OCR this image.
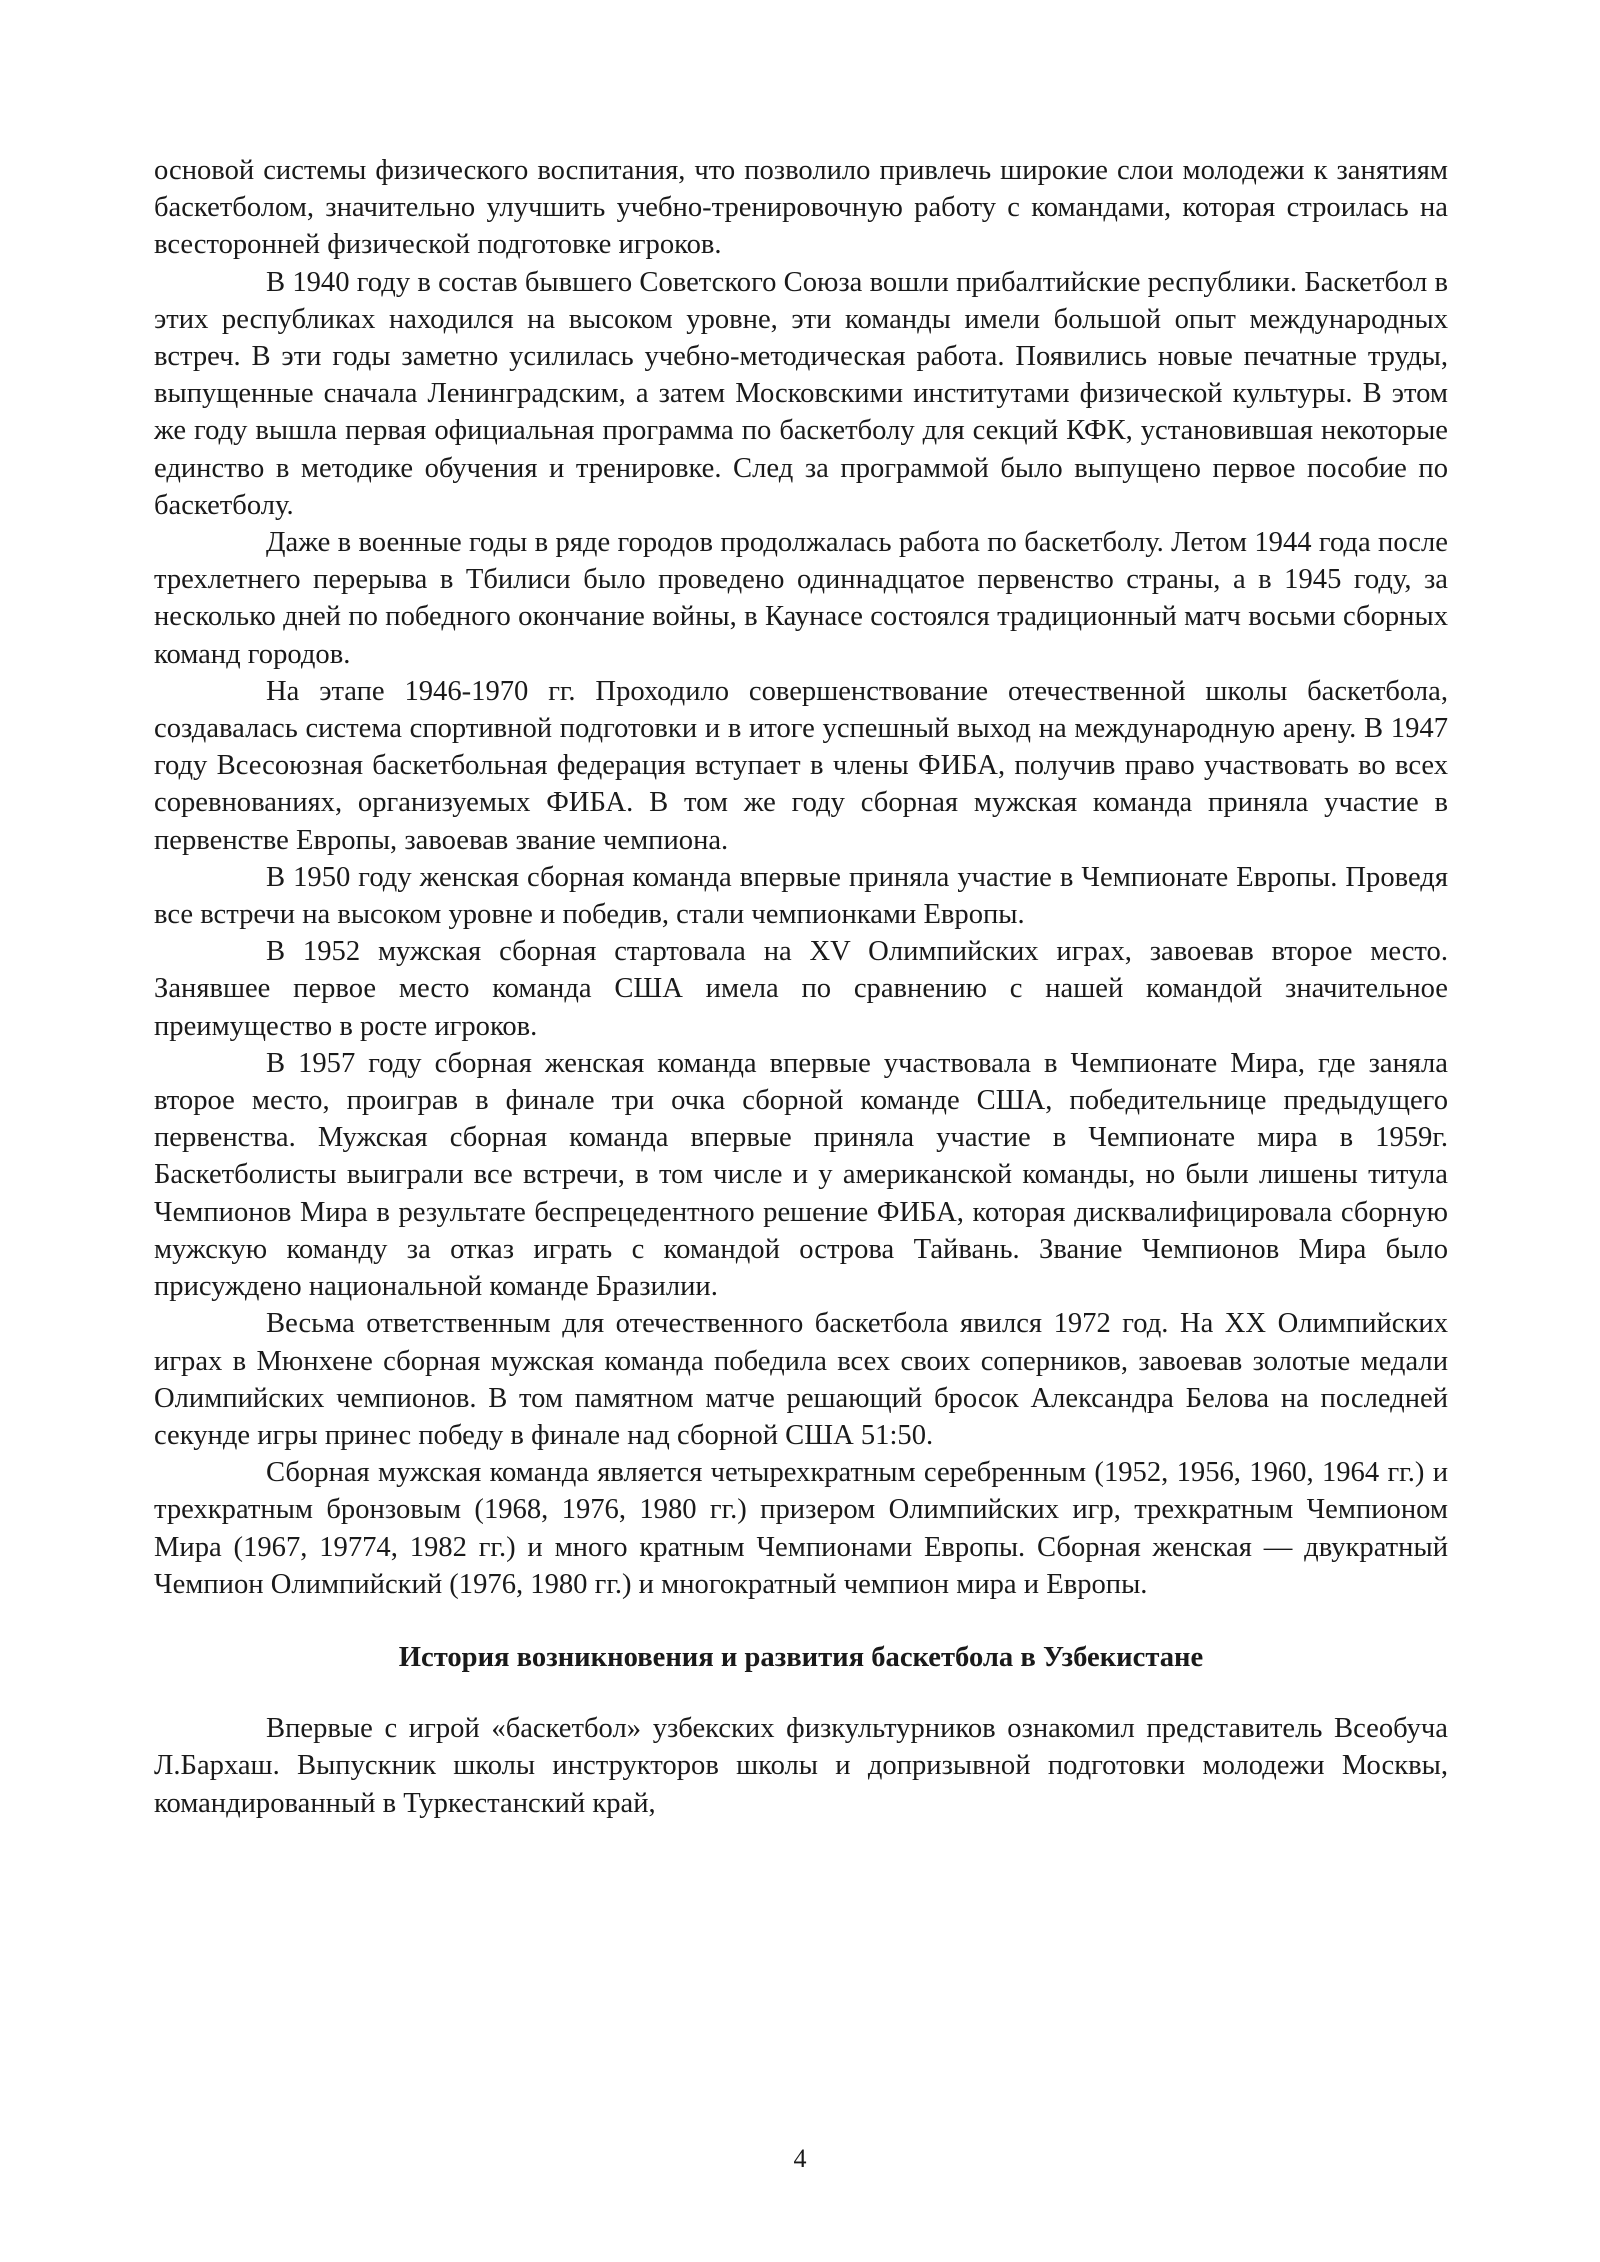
основой системы физического воспитания, что позволило привлечь широкие слои молодежи к занятиям баскетболом, значительно улучшить учебно-тренировочную работу с командами, которая строилась на всесторонней физической подготовке игроков.

В 1940 году в состав бывшего Советского Союза вошли прибалтийские республики. Баскетбол в этих республиках находился на высоком уровне, эти команды имели большой опыт международных встреч. В эти годы заметно усилилась учебно-методическая работа. Появились новые печатные труды, выпущенные сначала Ленинградским, а затем Московскими институтами физической культуры. В этом же году вышла первая официальная программа по баскетболу для секций КФК, установившая некоторые единство в методике обучения и тренировке. След за программой было выпущено первое пособие по баскетболу.

Даже в военные годы в ряде городов продолжалась работа по баскетболу. Летом 1944 года после трехлетнего перерыва в Тбилиси было проведено одиннадцатое первенство страны, а в 1945 году, за несколько дней по победного окончание войны, в Каунасе состоялся традиционный матч восьми сборных команд городов.

На этапе 1946-1970 гг. Проходило совершенствование отечественной школы баскетбола, создавалась система спортивной подготовки и в итоге успешный выход на международную арену. В 1947 году Всесоюзная баскетбольная федерация вступает в члены ФИБА, получив право участвовать во всех соревнованиях, организуемых ФИБА. В том же году сборная мужская команда приняла участие в первенстве Европы, завоевав звание чемпиона.

В 1950 году женская сборная команда впервые приняла участие в Чемпионате Европы. Проведя все встречи на высоком уровне и победив, стали чемпионками Европы.

В 1952 мужская сборная стартовала на XV Олимпийских играх, завоевав второе место. Занявшее первое место команда США имела по сравнению с нашей командой значительное преимущество в росте игроков.

В 1957 году сборная женская команда впервые участвовала в Чемпионате Мира, где заняла второе место, проиграв в финале три очка сборной команде США, победительнице предыдущего первенства. Мужская сборная команда впервые приняла участие в Чемпионате мира в 1959г. Баскетболисты выиграли все встречи, в том числе и у американской команды, но были лишены титула Чемпионов Мира в результате беспрецедентного решение ФИБА, которая дисквалифицировала сборную мужскую команду за отказ играть с командой острова Тайвань. Звание Чемпионов Мира было присуждено национальной команде Бразилии.

Весьма ответственным для отечественного баскетбола явился 1972 год. На XX Олимпийских играх в Мюнхене сборная мужская команда победила всех своих соперников, завоевав золотые медали Олимпийских чемпионов. В том памятном матче решающий бросок Александра Белова на последней секунде игры принес победу в финале над сборной США 51:50.

Сборная мужская команда является четырехкратным серебренным (1952, 1956, 1960, 1964 гг.) и трехкратным бронзовым (1968, 1976, 1980 гг.) призером Олимпийских игр, трехкратным Чемпионом Мира (1967, 19774, 1982 гг.) и много кратным Чемпионами Европы. Сборная женская — двукратный Чемпион Олимпийский (1976, 1980 гг.) и многократный чемпион мира и Европы.

История возникновения и развития баскетбола в Узбекистане

Впервые с игрой «баскетбол» узбекских физкультурников ознакомил представитель Всеобуча Л.Бархаш. Выпускник школы инструкторов школы и допризывной подготовки молодежи Москвы, командированный в Туркестанский край,

4
